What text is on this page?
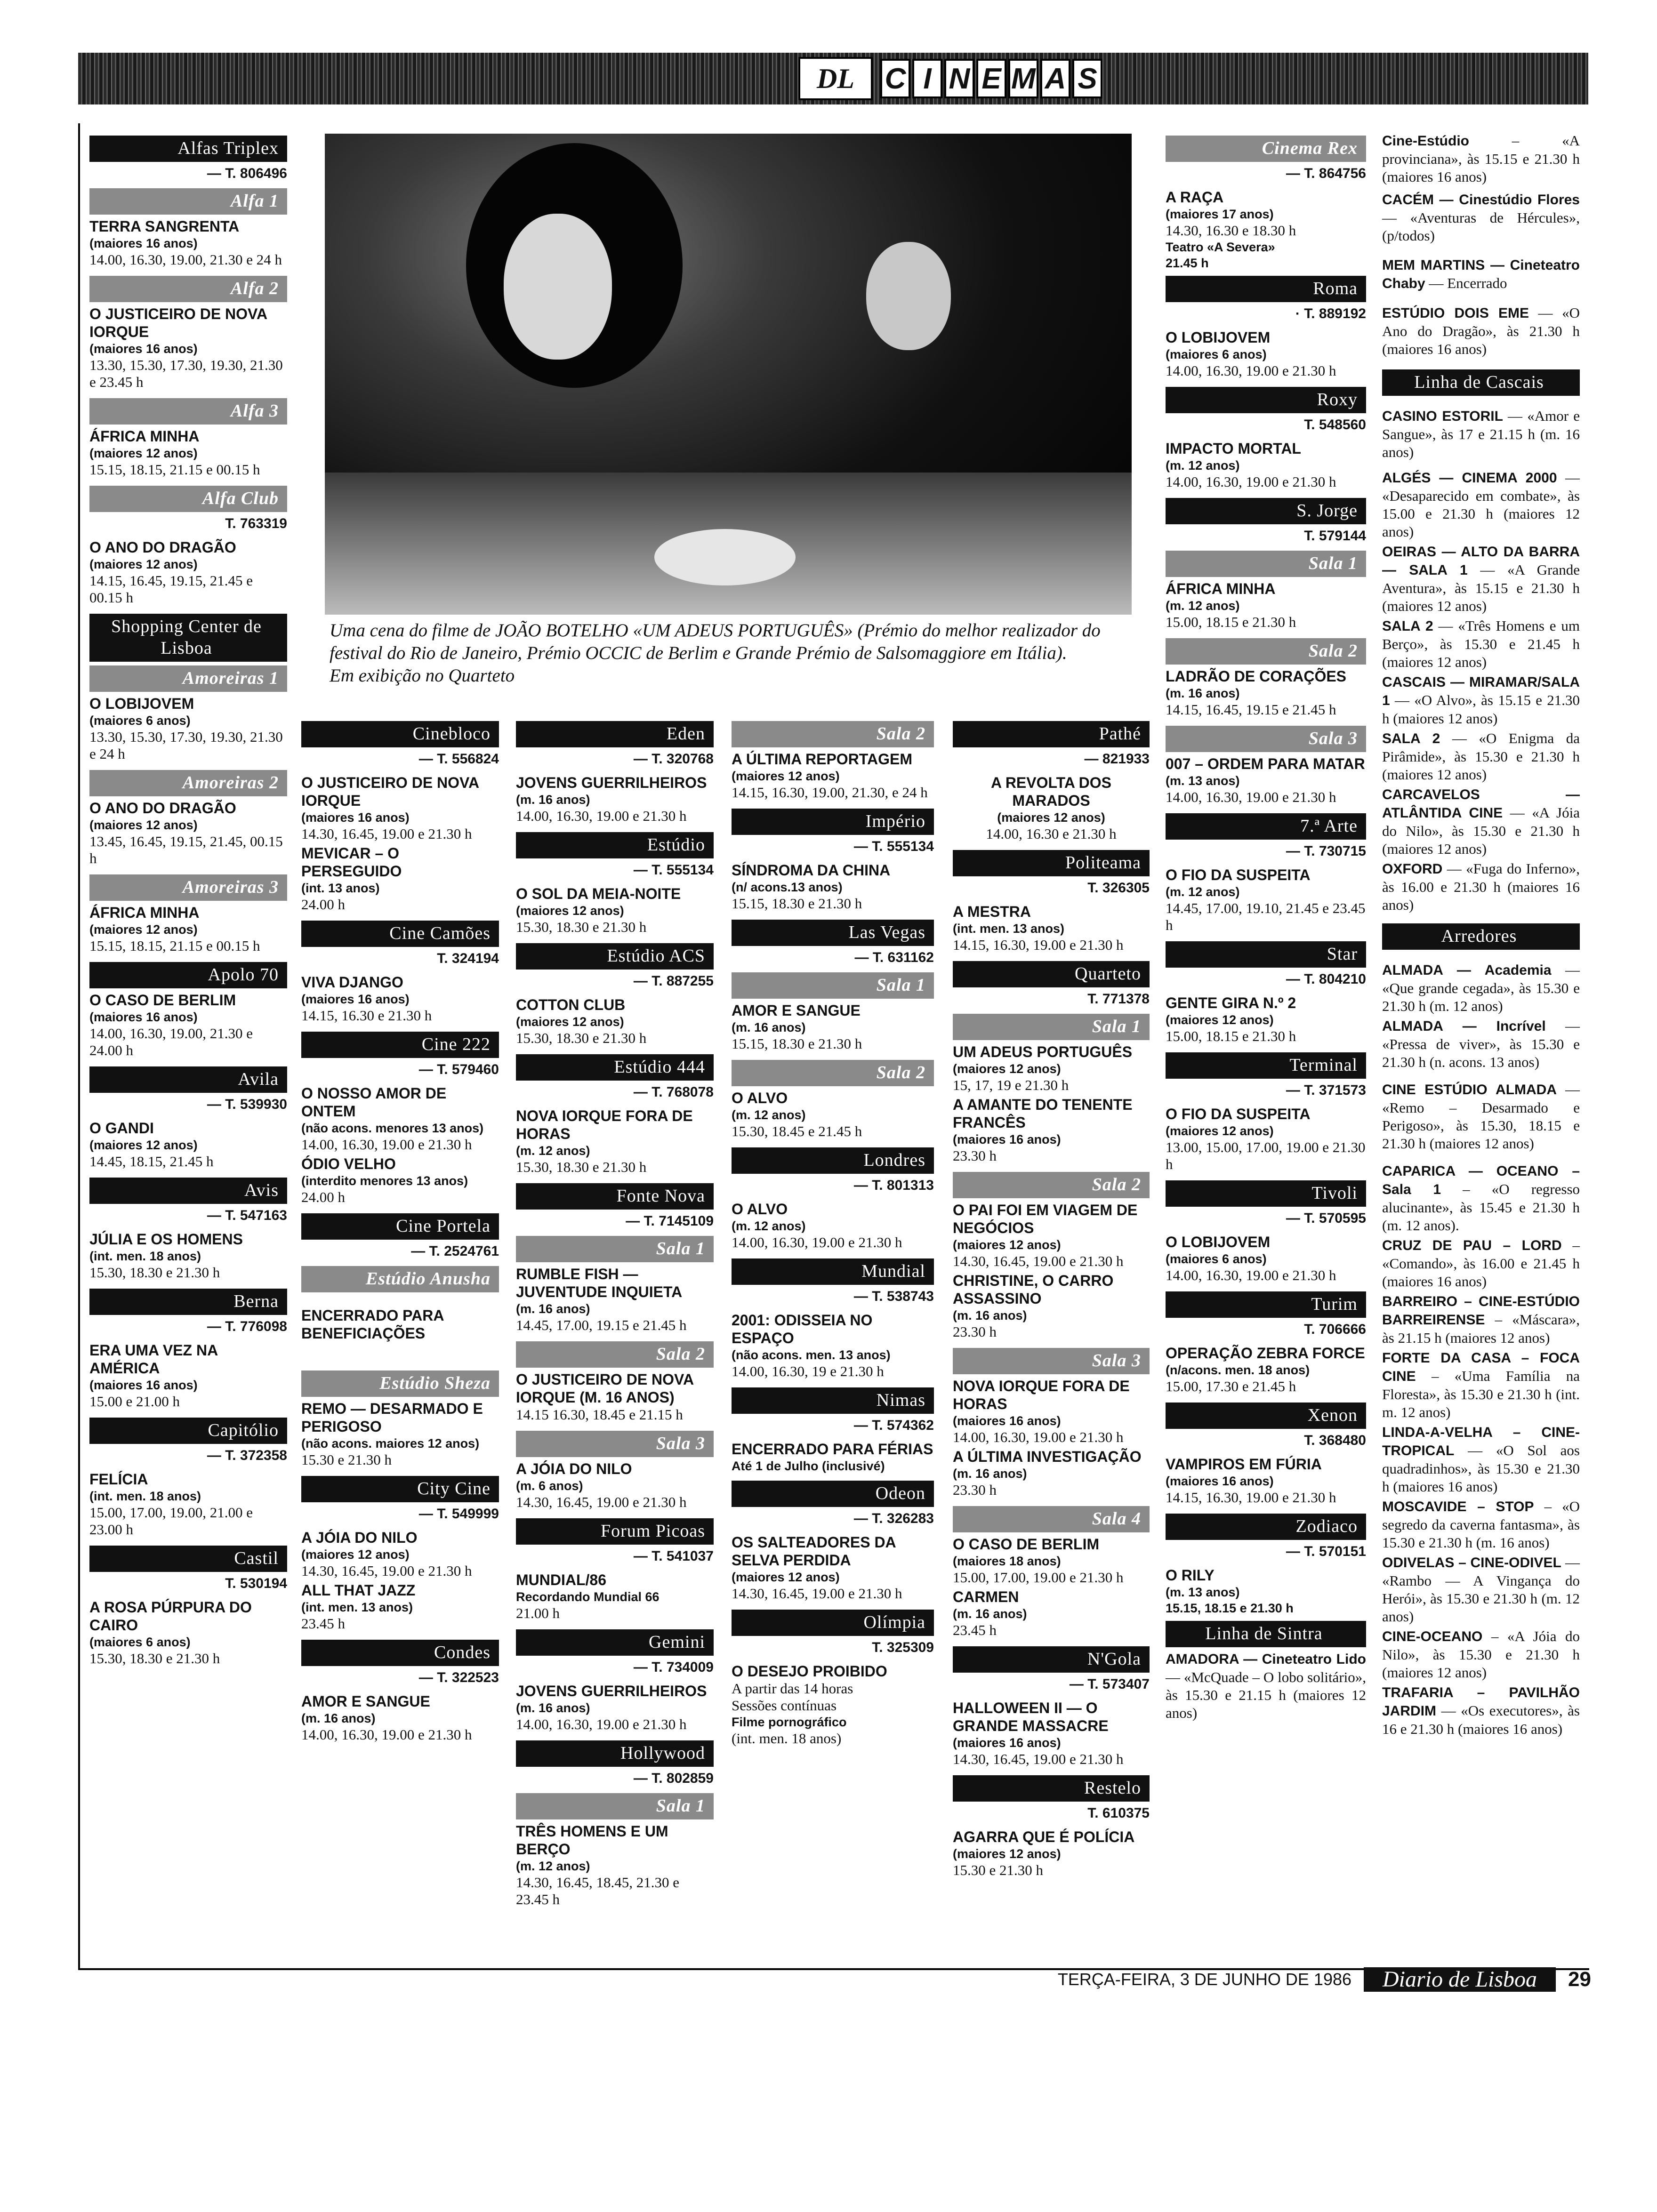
DL	C I N E M A S
Alfas Triplex
— T. 806496
Alfa 1
TERRA SANGRENTA
(maiores 16 anos)
14.00, 16.30, 19.00, 21.30 e 24 h
Alfa 2
O JUSTICEIRO DE NOVA IORQUE
(maiores 16 anos)
13.30, 15.30, 17.30, 19.30, 21.30 e 23.45 h
Alfa 3
ÁFRICA MINHA
(maiores 12 anos)
15.15, 18.15, 21.15 e 00.15 h
Alfa Club
T. 763319
O ANO DO DRAGÃO
(maiores 12 anos)
14.15, 16.45, 19.15, 21.45 e 00.15 h
Shopping Center de Lisboa
Amoreiras 1
O LOBIJOVEM
(maiores 6 anos)
13.30, 15.30, 17.30, 19.30, 21.30 e 24 h
Amoreiras 2
O ANO DO DRAGÃO
(maiores 12 anos)
13.45, 16.45, 19.15, 21.45, 00.15 h
Amoreiras 3
ÁFRICA MINHA
(maiores 12 anos)
15.15, 18.15, 21.15 e 00.15 h
Apolo 70
O CASO DE BERLIM
(maiores 16 anos)
14.00, 16.30, 19.00, 21.30 e 24.00 h
Avila
— T. 539930
O GANDI
(maiores 12 anos)
14.45, 18.15, 21.45 h
Avis
— T. 547163
JÚLIA E OS HOMENS
(int. men. 18 anos)
15.30, 18.30 e 21.30 h
Berna
— T. 776098
ERA UMA VEZ NA AMÉRICA
(maiores 16 anos)
15.00 e 21.00 h
Capitólio
— T. 372358
FELÍCIA
(int. men. 18 anos)
15.00, 17.00, 19.00, 21.00 e 23.00 h
Castil
T. 530194
A ROSA PÚRPURA DO CAIRO
(maiores 6 anos)
15.30, 18.30 e 21.30 h
Uma cena do filme de JOÃO BOTELHO «UM ADEUS PORTUGUÊS» (Prémio do melhor realizador do festival do Rio de Janeiro, Prémio OCCIC de Berlim e Grande Prémio de Salsomaggiore em Itália).
Em exibição no Quarteto
Cinebloco
— T. 556824
O JUSTICEIRO DE NOVA IORQUE
(maiores 16 anos)
14.30, 16.45, 19.00 e 21.30 h
MEVICAR – O PERSEGUIDO
(int. 13 anos)
24.00 h
Cine Camões
T. 324194
VIVA DJANGO
(maiores 16 anos)
14.15, 16.30 e 21.30 h
Cine 222
— T. 579460
O NOSSO AMOR DE ONTEM
(não acons. menores 13 anos)
14.00, 16.30, 19.00 e 21.30 h
ÓDIO VELHO
(interdito menores 13 anos)
24.00 h
Cine Portela
— T. 2524761
Estúdio Anusha
ENCERRADO PARA BENEFICIAÇÕES
Estúdio Sheza
REMO — DESARMADO E PERIGOSO
(não acons. maiores 12 anos)
15.30 e 21.30 h
City Cine
— T. 549999
A JÓIA DO NILO
(maiores 12 anos)
14.30, 16.45, 19.00 e 21.30 h
ALL THAT JAZZ
(int. men. 13 anos)
23.45 h
Condes
— T. 322523
AMOR E SANGUE
(m. 16 anos)
14.00, 16.30, 19.00 e 21.30 h
Eden
— T. 320768
JOVENS GUERRILHEIROS
(m. 16 anos)
14.00, 16.30, 19.00 e 21.30 h
Estúdio
— T. 555134
O SOL DA MEIA-NOITE
(maiores 12 anos)
15.30, 18.30 e 21.30 h
Estúdio ACS
— T. 887255
COTTON CLUB
(maiores 12 anos)
15.30, 18.30 e 21.30 h
Estúdio 444
— T. 768078
NOVA IORQUE FORA DE HORAS
(m. 12 anos)
15.30, 18.30 e 21.30 h
Fonte Nova
— T. 7145109
Sala 1
RUMBLE FISH — JUVENTUDE INQUIETA
(m. 16 anos)
14.45, 17.00, 19.15 e 21.45 h
Sala 2
O JUSTICEIRO DE NOVA IORQUE (M. 16 ANOS)
14.15 16.30, 18.45 e 21.15 h
Sala 3
A JÓIA DO NILO
(m. 6 anos)
14.30, 16.45, 19.00 e 21.30 h
Forum Picoas
— T. 541037
MUNDIAL/86
Recordando Mundial 66
21.00 h
Gemini
— T. 734009
JOVENS GUERRILHEIROS
(m. 16 anos)
14.00, 16.30, 19.00 e 21.30 h
Hollywood
— T. 802859
Sala 1
TRÊS HOMENS E UM BERÇO
(m. 12 anos)
14.30, 16.45, 18.45, 21.30 e 23.45 h
Sala 2
A ÚLTIMA REPORTAGEM
(maiores 12 anos)
14.15, 16.30, 19.00, 21.30, e 24 h
Império
— T. 555134
SÍNDROMA DA CHINA
(n/ acons.13 anos)
15.15, 18.30 e 21.30 h
Las Vegas
— T. 631162
Sala 1
AMOR E SANGUE
(m. 16 anos)
15.15, 18.30 e 21.30 h
Sala 2
O ALVO
(m. 12 anos)
15.30, 18.45 e 21.45 h
Londres
— T. 801313
O ALVO
(m. 12 anos)
14.00, 16.30, 19.00 e 21.30 h
Mundial
— T. 538743
2001: ODISSEIA NO ESPAÇO
(não acons. men. 13 anos)
14.00, 16.30, 19 e 21.30 h
Nimas
— T. 574362
ENCERRADO PARA FÉRIAS
Até 1 de Julho (inclusivé)
Odeon
— T. 326283
OS SALTEADORES DA SELVA PERDIDA
(maiores 12 anos)
14.30, 16.45, 19.00 e 21.30 h
Olímpia
T. 325309
O DESEJO PROIBIDO
A partir das 14 horas
Sessões contínuas
Filme pornográfico
(int. men. 18 anos)
Pathé
— 821933
A REVOLTA DOS MARADOS
(maiores 12 anos)
14.00, 16.30 e 21.30 h
Politeama
T. 326305
A MESTRA
(int. men. 13 anos)
14.15, 16.30, 19.00 e 21.30 h
Quarteto
T. 771378
Sala 1
UM ADEUS PORTUGUÊS
(maiores 12 anos)
15, 17, 19 e 21.30 h
A AMANTE DO TENENTE FRANCÊS
(maiores 16 anos)
23.30 h
Sala 2
O PAI FOI EM VIAGEM DE NEGÓCIOS
(maiores 12 anos)
14.30, 16.45, 19.00 e 21.30 h
CHRISTINE, O CARRO ASSASSINO
(m. 16 anos)
23.30 h
Sala 3
NOVA IORQUE FORA DE HORAS
(maiores 16 anos)
14.00, 16.30, 19.00 e 21.30 h
A ÚLTIMA INVESTIGAÇÃO
(m. 16 anos)
23.30 h
Sala 4
O CASO DE BERLIM
(maiores 18 anos)
15.00, 17.00, 19.00 e 21.30 h
CARMEN
(m. 16 anos)
23.45 h
N'Gola
— T. 573407
HALLOWEEN II — O GRANDE MASSACRE
(maiores 16 anos)
14.30, 16.45, 19.00 e 21.30 h
Restelo
T. 610375
AGARRA QUE É POLÍCIA
(maiores 12 anos)
15.30 e 21.30 h
Cinema Rex
— T. 864756
A RAÇA
(maiores 17 anos)
14.30, 16.30 e 18.30 h
Teatro «A Severa»
21.45 h
Roma
· T. 889192
O LOBIJOVEM
(maiores 6 anos)
14.00, 16.30, 19.00 e 21.30 h
Roxy
T. 548560
IMPACTO MORTAL
(m. 12 anos)
14.00, 16.30, 19.00 e 21.30 h
S. Jorge
T. 579144
Sala 1
ÁFRICA MINHA
(m. 12 anos)
15.00, 18.15 e 21.30 h
Sala 2
LADRÃO DE CORAÇÕES
(m. 16 anos)
14.15, 16.45, 19.15 e 21.45 h
Sala 3
007 – ORDEM PARA MATAR
(m. 13 anos)
14.00, 16.30, 19.00 e 21.30 h
7.ª Arte
— T. 730715
O FIO DA SUSPEITA
(m. 12 anos)
14.45, 17.00, 19.10, 21.45 e 23.45 h
Star
— T. 804210
GENTE GIRA N.º 2
(maiores 12 anos)
15.00, 18.15 e 21.30 h
Terminal
— T. 371573
O FIO DA SUSPEITA
(maiores 12 anos)
13.00, 15.00, 17.00, 19.00 e 21.30 h
Tivoli
— T. 570595
O LOBIJOVEM
(maiores 6 anos)
14.00, 16.30, 19.00 e 21.30 h
Turim
T. 706666
OPERAÇÃO ZEBRA FORCE
(n/acons. men. 18 anos)
15.00, 17.30 e 21.45 h
Xenon
T. 368480
VAMPIROS EM FÚRIA
(maiores 16 anos)
14.15, 16.30, 19.00 e 21.30 h
Zodiaco
— T. 570151
O RILY
(m. 13 anos)
15.15, 18.15 e 21.30 h
Linha de Sintra
AMADORA — Cineteatro Lido — «McQuade – O lobo solitário», às 15.30 e 21.15 h (maiores 12 anos)

Cine-Estúdio – «A provinciana», às 15.15 e 21.30 h (maiores 16 anos)

CACÉM — Cinestúdio Flores — «Aventuras de Hércules», (p/todos)

MEM MARTINS — Cineteatro Chaby — Encerrado

ESTÚDIO DOIS EME — «O Ano do Dragão», às 21.30 h (maiores 16 anos)

Linha de Cascais

CASINO ESTORIL — «Amor e Sangue», às 17 e 21.15 h (m. 16 anos)

ALGÉS — CINEMA 2000 — «Desaparecido em combate», às 15.00 e 21.30 h (maiores 12 anos)

OEIRAS — ALTO DA BARRA — SALA 1 — «A Grande Aventura», às 15.15 e 21.30 h (maiores 12 anos)

SALA 2 — «Três Homens e um Berço», às 15.30 e 21.45 h (maiores 12 anos)

CASCAIS — MIRAMAR/SALA 1 — «O Alvo», às 15.15 e 21.30 h (maiores 12 anos)

SALA 2 — «O Enigma da Pirâmide», às 15.30 e 21.30 h (maiores 12 anos)

CARCAVELOS — ATLÂNTIDA CINE — «A Jóia do Nilo», às 15.30 e 21.30 h (maiores 12 anos)

OXFORD — «Fuga do Inferno», às 16.00 e 21.30 h (maiores 16 anos)

Arredores

ALMADA — Academia — «Que grande cegada», às 15.30 e 21.30 h (m. 12 anos)

ALMADA — Incrível — «Pressa de viver», às 15.30 e 21.30 h (n. acons. 13 anos)

CINE ESTÚDIO ALMADA — «Remo – Desarmado e Perigoso», às 15.30, 18.15 e 21.30 h (maiores 12 anos)

CAPARICA — OCEANO – Sala 1 – «O regresso alucinante», às 15.45 e 21.30 h (m. 12 anos).

CRUZ DE PAU – LORD – «Comando», às 16.00 e 21.45 h (maiores 16 anos)

BARREIRO – CINE-ESTÚDIO BARREIRENSE – «Máscara», às 21.15 h (maiores 12 anos)

FORTE DA CASA – FOCA CINE – «Uma Família na Floresta», às 15.30 e 21.30 h (int. m. 12 anos)

LINDA-A-VELHA – CINE-TROPICAL — «O Sol aos quadradinhos», às 15.30 e 21.30 h (maiores 16 anos)

MOSCAVIDE – STOP – «O segredo da caverna fantasma», às 15.30 e 21.30 h (m. 16 anos)

ODIVELAS – CINE-ODIVEL — «Rambo — A Vingança do Herói», às 15.30 e 21.30 h (m. 12 anos)

CINE-OCEANO – «A Jóia do Nilo», às 15.30 e 21.30 h (maiores 12 anos)

TRAFARIA – PAVILHÃO JARDIM — «Os executores», às 16 e 21.30 h (maiores 16 anos)

TERÇA-FEIRA, 3 DE JUNHO DE 1986	Diario de Lisboa	29
